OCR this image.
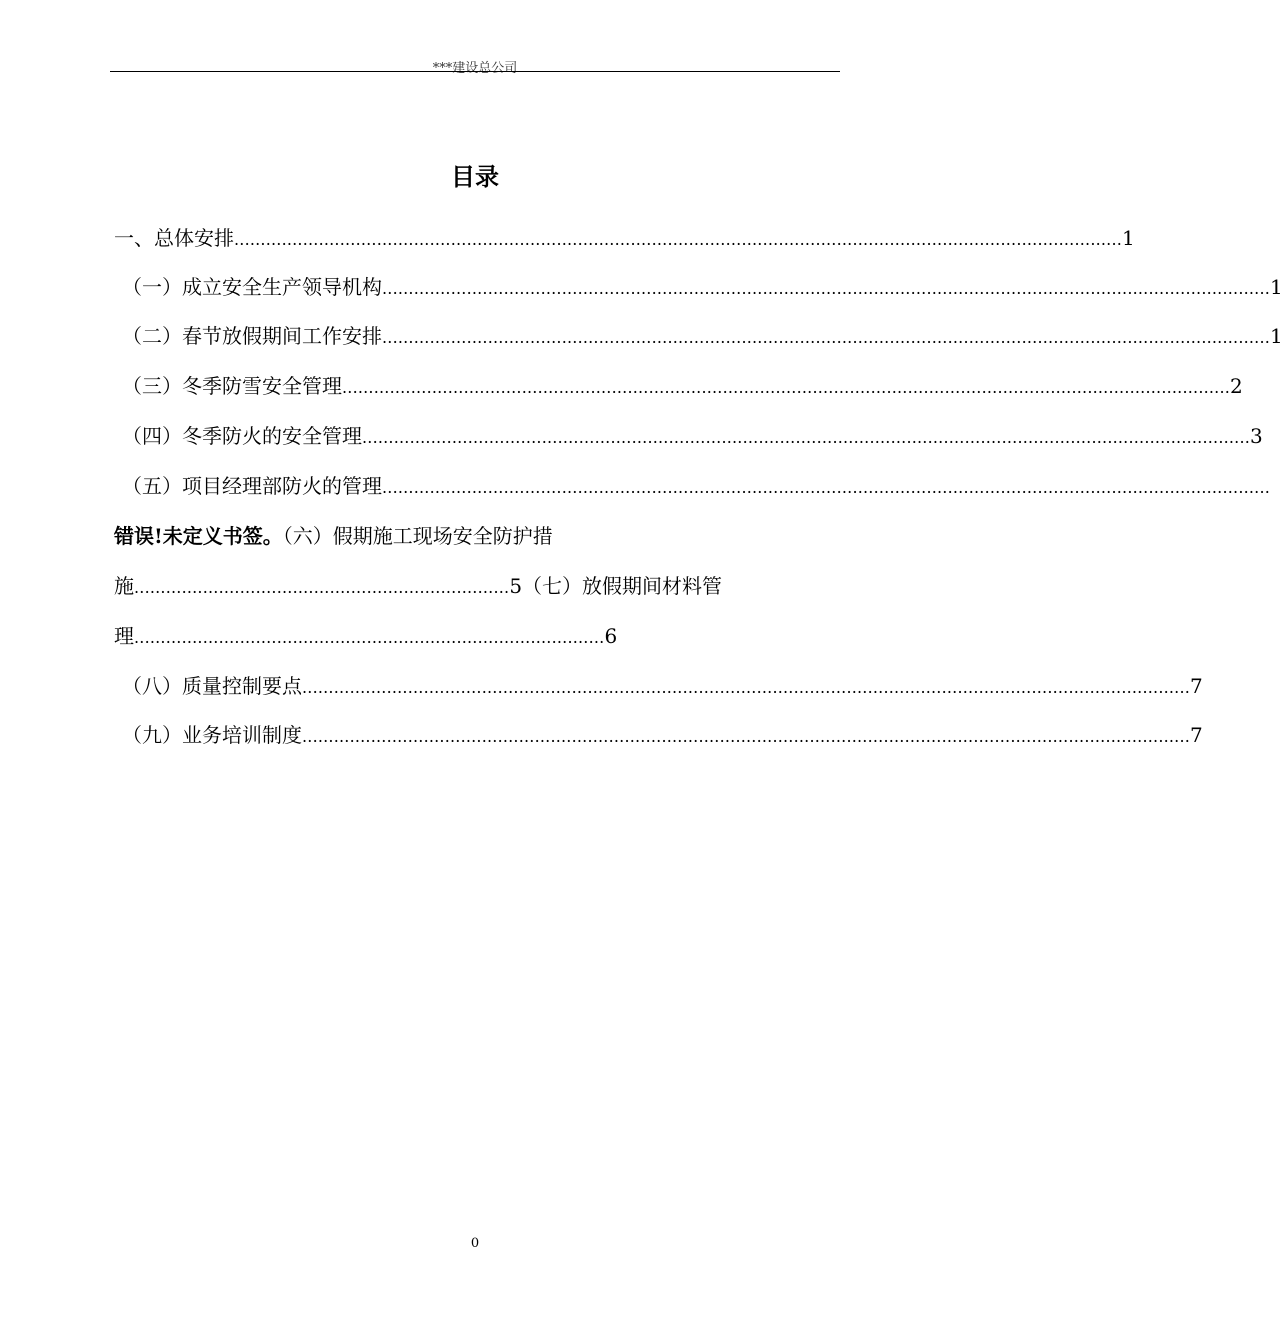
***建设总公司
目录
一、总体安排 ........................................................................................................................................................................ 1
（一）成立安全生产领导机构 ........................................................................................................................................................................ 1
（二）春节放假期间工作安排 ........................................................................................................................................................................ 1
（三）冬季防雪安全管理 ........................................................................................................................................................................ 2
（四）冬季防火的安全管理 ........................................................................................................................................................................ 3
（五）项目经理部防火的管理 ........................................................................................................................................................................
错误!未定义书签。（六）假期施工现场安全防护措
施.......................................................................5（七）放假期间材料管
理.........................................................................................6
（八）质量控制要点 ........................................................................................................................................................................ 7
（九）业务培训制度 ........................................................................................................................................................................ 7
0
